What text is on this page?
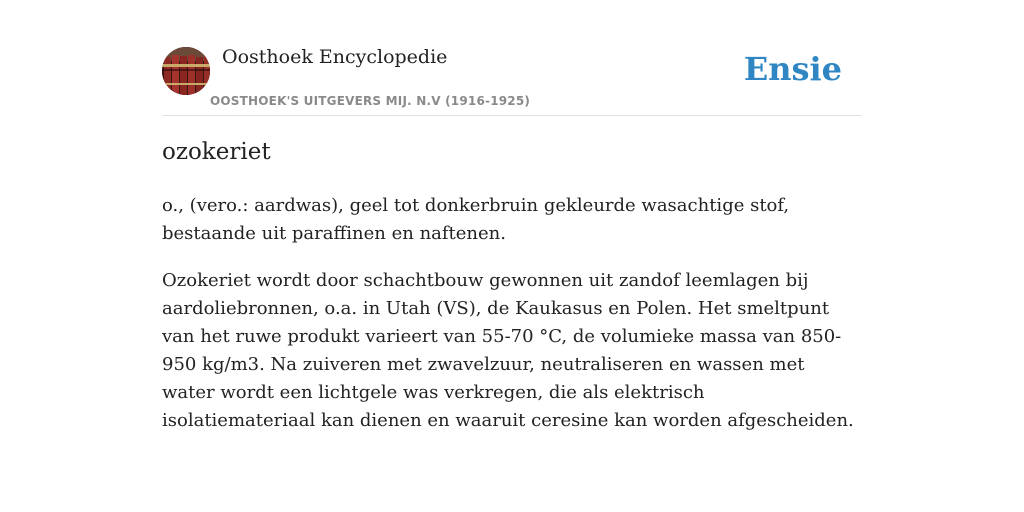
Oosthoek Encyclopedie
OOSTHOEK'S UITGEVERS MIJ. N.V (1916-1925)
Ensie
ozokeriet

o., (vero.: aardwas), geel tot donkerbruin gekleurde wasachtige stof, bestaande uit paraffinen en naftenen.

Ozokeriet wordt door schachtbouw gewonnen uit zandof leemlagen bij aardoliebronnen, o.a. in Utah (VS), de Kaukasus en Polen. Het smeltpunt van het ruwe produkt varieert van 55-70 °C, de volumieke massa van 850-950 kg/m3. Na zuiveren met zwavelzuur, neutraliseren en wassen met water wordt een lichtgele was verkregen, die als elektrisch isolatiemateriaal kan dienen en waaruit ceresine kan worden afgescheiden.
